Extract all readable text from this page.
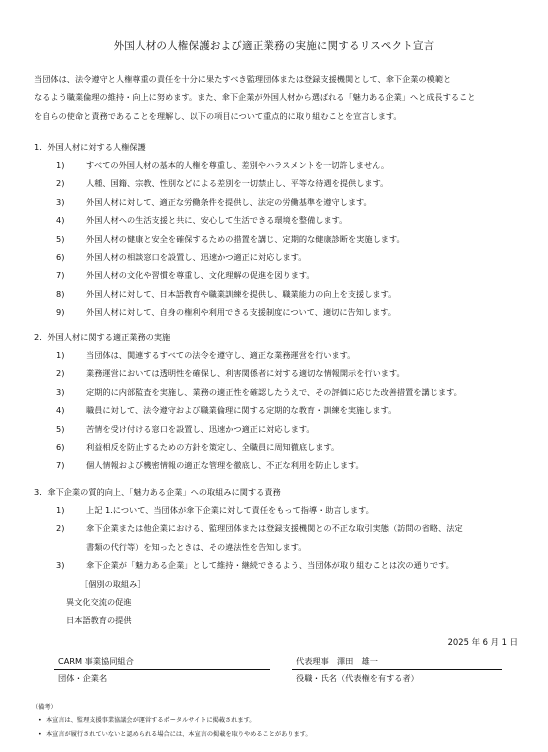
外国人材の人権保護および適正業務の実施に関するリスペクト宣言
当団体は、法令遵守と人権尊重の責任を十分に果たすべき監理団体または登録支援機関として、傘下企業の模範と
なるよう職業倫理の維持・向上に努めます。また、傘下企業が外国人材から選ばれる「魅力ある企業」へと成長すること
を自らの使命と責務であることを理解し、以下の項目について重点的に取り組むことを宣言します。
1．外国人材に対する人権保護
1)	すべての外国人材の基本的人権を尊重し、差別やハラスメントを一切許しません。
2)	人種、国籍、宗教、性別などによる差別を一切禁止し、平等な待遇を提供します。
3)	外国人材に対して、適正な労働条件を提供し、法定の労働基準を遵守します。
4)	外国人材への生活支援と共に、安心して生活できる環境を整備します。
5)	外国人材の健康と安全を確保するための措置を講じ、定期的な健康診断を実施します。
6)	外国人材の相談窓口を設置し、迅速かつ適正に対応します。
7)	外国人材の文化や習慣を尊重し、文化理解の促進を図ります。
8)	外国人材に対して、日本語教育や職業訓練を提供し、職業能力の向上を支援します。
9)	外国人材に対して、自身の権利や利用できる支援制度について、適切に告知します。
2．外国人材に関する適正業務の実施
1)	当団体は、関連するすべての法令を遵守し、適正な業務運営を行います。
2)	業務運営においては透明性を確保し、利害関係者に対する適切な情報開示を行います。
3)	定期的に内部監査を実施し、業務の適正性を確認したうえで、その評価に応じた改善措置を講じます。
4)	職員に対して、法令遵守および職業倫理に関する定期的な教育・訓練を実施します。
5)	苦情を受け付ける窓口を設置し、迅速かつ適正に対応します。
6)	利益相反を防止するための方針を策定し、全職員に周知徹底します。
7)	個人情報および機密情報の適正な管理を徹底し、不正な利用を防止します。
3．傘下企業の質的向上、「魅力ある企業」への取組みに関する責務
1)	上記 1.について、当団体が傘下企業に対して責任をもって指導・助言します。
2)	傘下企業または他企業における、監理団体または登録支援機関との不正な取引実態（訪問の省略、法定
書類の代行等）を知ったときは、その違法性を告知します。
3)	傘下企業が「魅力ある企業」として維持・継続できるよう、当団体が取り組むことは次の通りです。
［個別の取組み］
異文化交流の促進
日本語教育の提供
2025 年 6 月 1 日
CARM 事業協同組合
団体・企業名
代表理事　澤田　雄一
役職・氏名（代表権を有する者）
（備考）
• 本宣言は、監理支援事業協議会が運営するポータルサイトに掲載されます。
• 本宣言が履行されていないと認められる場合には、本宣言の掲載を取りやめることがあります。
